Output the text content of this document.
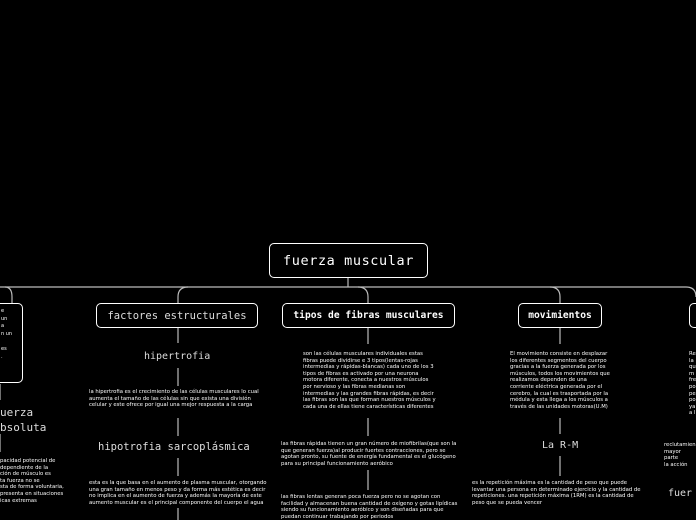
fuerza muscular
e
un
a
n un

es
.
uerza
bsoluta
pacidad potencial de
dependiente de la
ción de músculo es
ta fuerza no se
sta de forma voluntaria,
presenta en situaciones
icas extremas
factores estructurales
hipertrofia
la hipertrofia es el crecimiento de las células musculares lo cual aumenta el tamaño de las células sin que exista una división celular y este ofrece por igual una mejor respuesta a la carga
hipotrofia sarcoplásmica
esta es la que basa en el aumento de plasma muscular, otorgando una gran tamaño en menos peso y da forma más estética es decir no implica en el aumento de fuerza y además la mayoría de este aumento muscular es el principal componente del cuerpo el agua
tipos de fibras musculares
son las células musculares individuales estas fibras puede dividirse e 3 tipos(lentas-rojas intermedias y rápidas-blancas) cada uno de los 3 tipos de fibras es activado por una neurona motora diferente, conecta a nuestros músculos por nervioso y las fibras medianas son intermedias y las grandes fibras rápidas, es decir las fibras son las que forman nuestros músculos y cada una de ellas tiene características diferentes
las fibras rápidas tienen un gran número de miofibrilas(que son la que generan fuerza)al producir fuertes contracciones, pero se agotan pronto, su fuente de energía fundamental es el glucógeno para su principal funcionamiento aeróbico
las fibras lentas generan poca fuerza pero no se agotan con facilidad y almacenan buena cantidad de oxígeno y gotas lipídicas siendo su funcionamiento aeróbico y son diseñadas para que puedan continuar trabajando por periodos
movimientos
El movimiento consiste en desplazar los diferentes segmentos del cuerpo gracias a la fuerza generada por los músculos, todos los movimientos que realizamos dependen de una corriente eléctrica generada por el cerebro, la cual es trasportada por la médula y esta llega a los músculos a través de las unidades motoras(U.M)
La R-M
es la repetición máxima es la cantidad de peso que puede levantar una persona en determinado ejercicio y la cantidad de repeticiones. una repetición máxima (1RM) es la cantidad de peso que se pueda vencer
Re
la
qu
m
fre
po
pe
po
ya
a l
reclutamien
mayor parte
la acción
fuer
